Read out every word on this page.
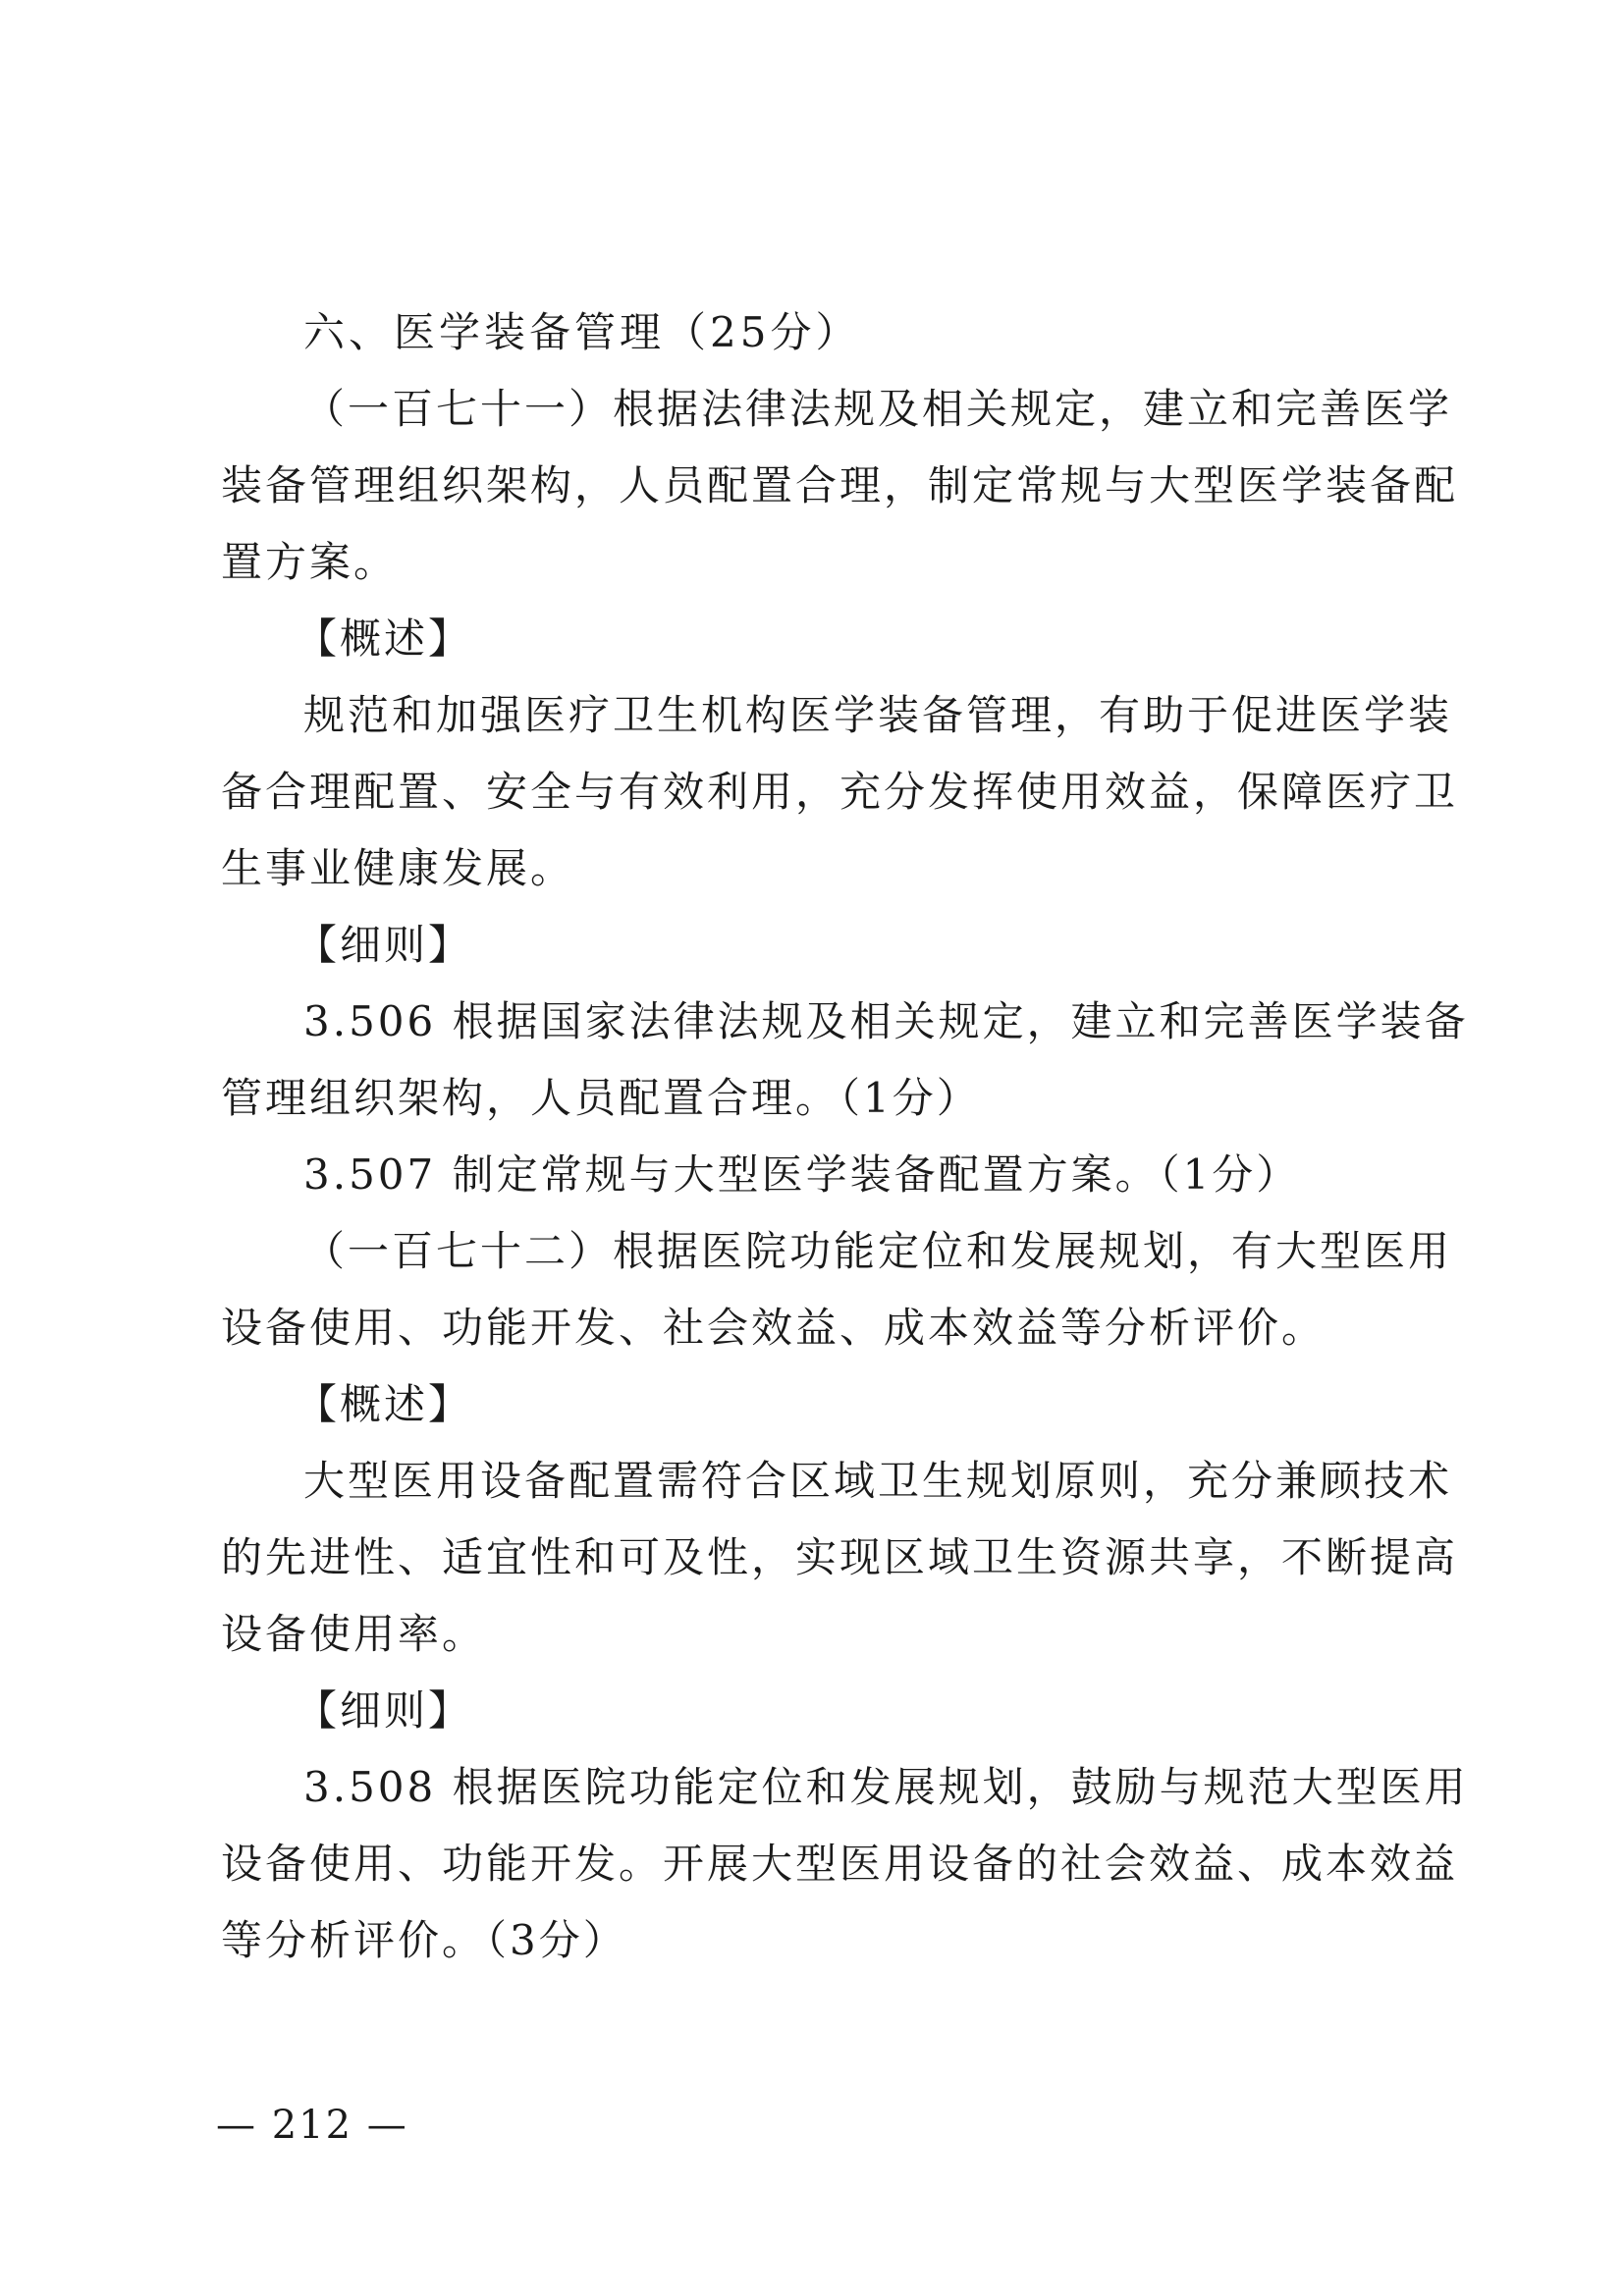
六、医学装备管理（25分）
（一百七十一）根据法律法规及相关规定，建立和完善医学
装备管理组织架构，人员配置合理，制定常规与大型医学装备配
置方案。
【概述】
规范和加强医疗卫生机构医学装备管理，有助于促进医学装
备合理配置、安全与有效利用，充分发挥使用效益，保障医疗卫
生事业健康发展。
【细则】
3.506 根据国家法律法规及相关规定，建立和完善医学装备
管理组织架构，人员配置合理。（1分）
3.507 制定常规与大型医学装备配置方案。（1分）
（一百七十二）根据医院功能定位和发展规划，有大型医用
设备使用、功能开发、社会效益、成本效益等分析评价。
【概述】
大型医用设备配置需符合区域卫生规划原则，充分兼顾技术
的先进性、适宜性和可及性，实现区域卫生资源共享，不断提高
设备使用率。
【细则】
3.508 根据医院功能定位和发展规划，鼓励与规范大型医用
设备使用、功能开发。开展大型医用设备的社会效益、成本效益
等分析评价。（3分）
— 212 —
